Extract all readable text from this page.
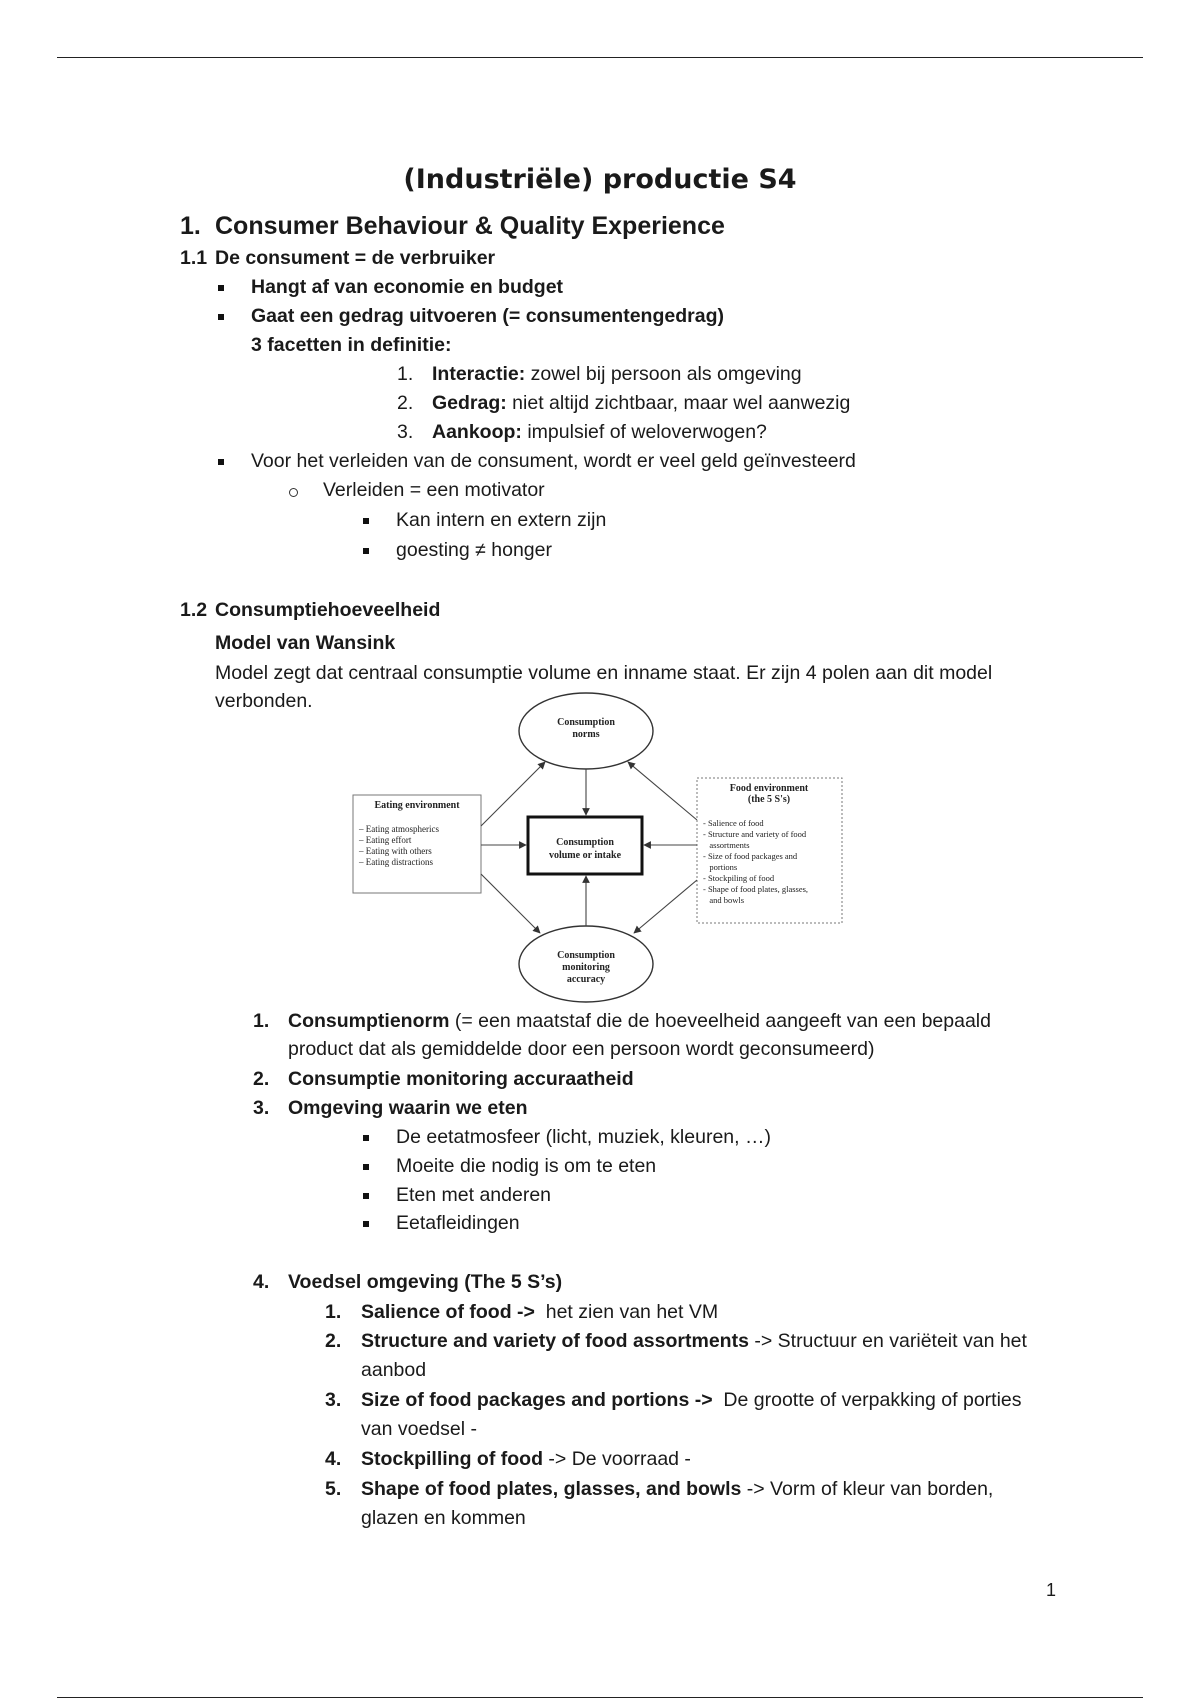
(Industriële) productie S4
1. Consumer Behaviour & Quality Experience
1.1 De consument = de verbruiker
Hangt af van economie en budget
Gaat een gedrag uitvoeren (= consumentengedrag)
3 facetten in definitie:
1. Interactie: zowel bij persoon als omgeving
2. Gedrag: niet altijd zichtbaar, maar wel aanwezig
3. Aankoop: impulsief of weloverwogen?
Voor het verleiden van de consument, wordt er veel geld geïnvesteerd
Verleiden = een motivator
Kan intern en extern zijn
goesting ≠ honger
1.2 Consumptiehoeveelheid
Model van Wansink
Model zegt dat centraal consumptie volume en inname staat. Er zijn 4 polen aan dit model
verbonden.
Consumption
norms
Consumption
monitoring
accuracy
Consumption
volume or intake
Eating environment
– Eating atmospherics
– Eating effort
– Eating with others
– Eating distractions
Food environment
(the 5 S's)
- Salience of food
- Structure and variety of food
assortments
- Size of food packages and
portions
- Stockpiling of food
- Shape of food plates, glasses,
and bowls
1. Consumptienorm (= een maatstaf die de hoeveelheid aangeeft van een bepaald
product dat als gemiddelde door een persoon wordt geconsumeerd)
2. Consumptie monitoring accuraatheid
3. Omgeving waarin we eten
De eetatmosfeer (licht, muziek, kleuren, …)
Moeite die nodig is om te eten
Eten met anderen
Eetafleidingen
4. Voedsel omgeving (The 5 S’s)
1. Salience of food ->  het zien van het VM
2. Structure and variety of food assortments -> Structuur en variëteit van het
aanbod
3. Size of food packages and portions ->  De grootte of verpakking of porties
van voedsel -
4. Stockpilling of food -> De voorraad -
5. Shape of food plates, glasses, and bowls -> Vorm of kleur van borden,
glazen en kommen
1
